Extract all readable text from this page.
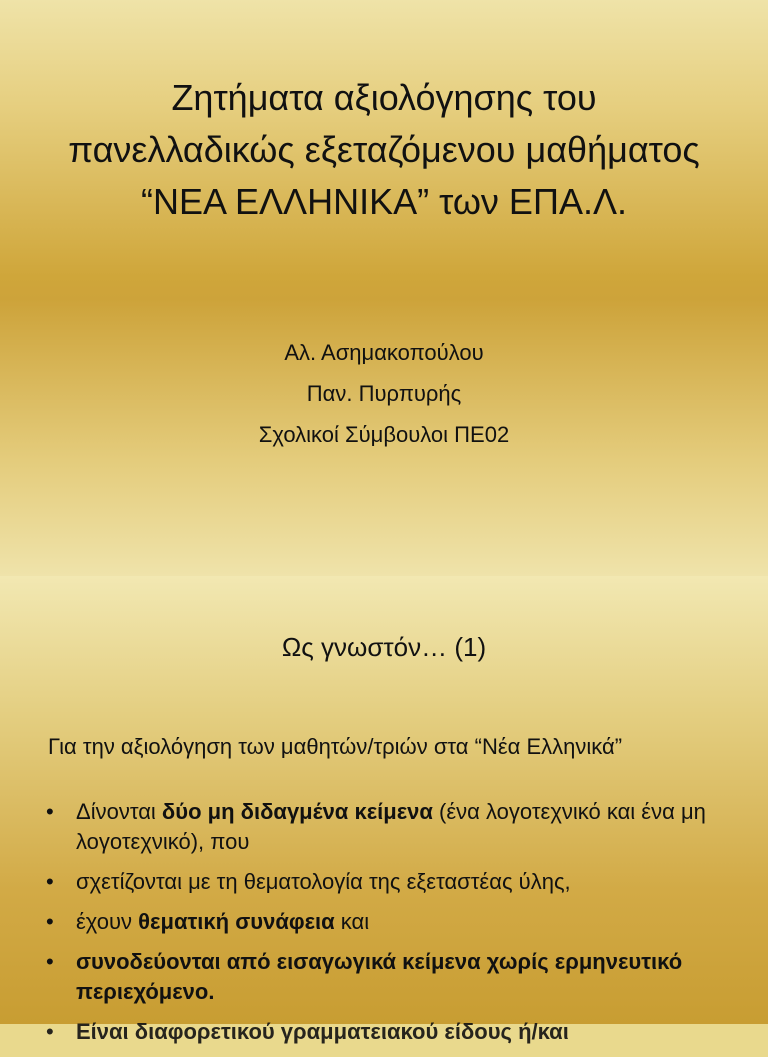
Ζητήματα αξιολόγησης του
πανελλαδικώς εξεταζόμενου μαθήματος
“ΝΕΑ ΕΛΛΗΝΙΚΑ” των ΕΠΑ.Λ.
Αλ. Ασημακοπούλου
Παν. Πυρπυρής
Σχολικοί Σύμβουλοι ΠΕ02
Ως γνωστόν… (1)
Για την αξιολόγηση των μαθητών/τριών στα “Νέα Ελληνικά”
• Δίνονται δύο μη διδαγμένα κείμενα (ένα λογοτεχνικό και ένα μη λογοτεχνικό), που
• σχετίζονται με τη θεματολογία της εξεταστέας ύλης,
• έχουν θεματική συνάφεια και
• συνοδεύονται από εισαγωγικά κείμενα χωρίς ερμηνευτικό περιεχόμενο.
• Είναι διαφορετικού γραμματειακού είδους ή/και
